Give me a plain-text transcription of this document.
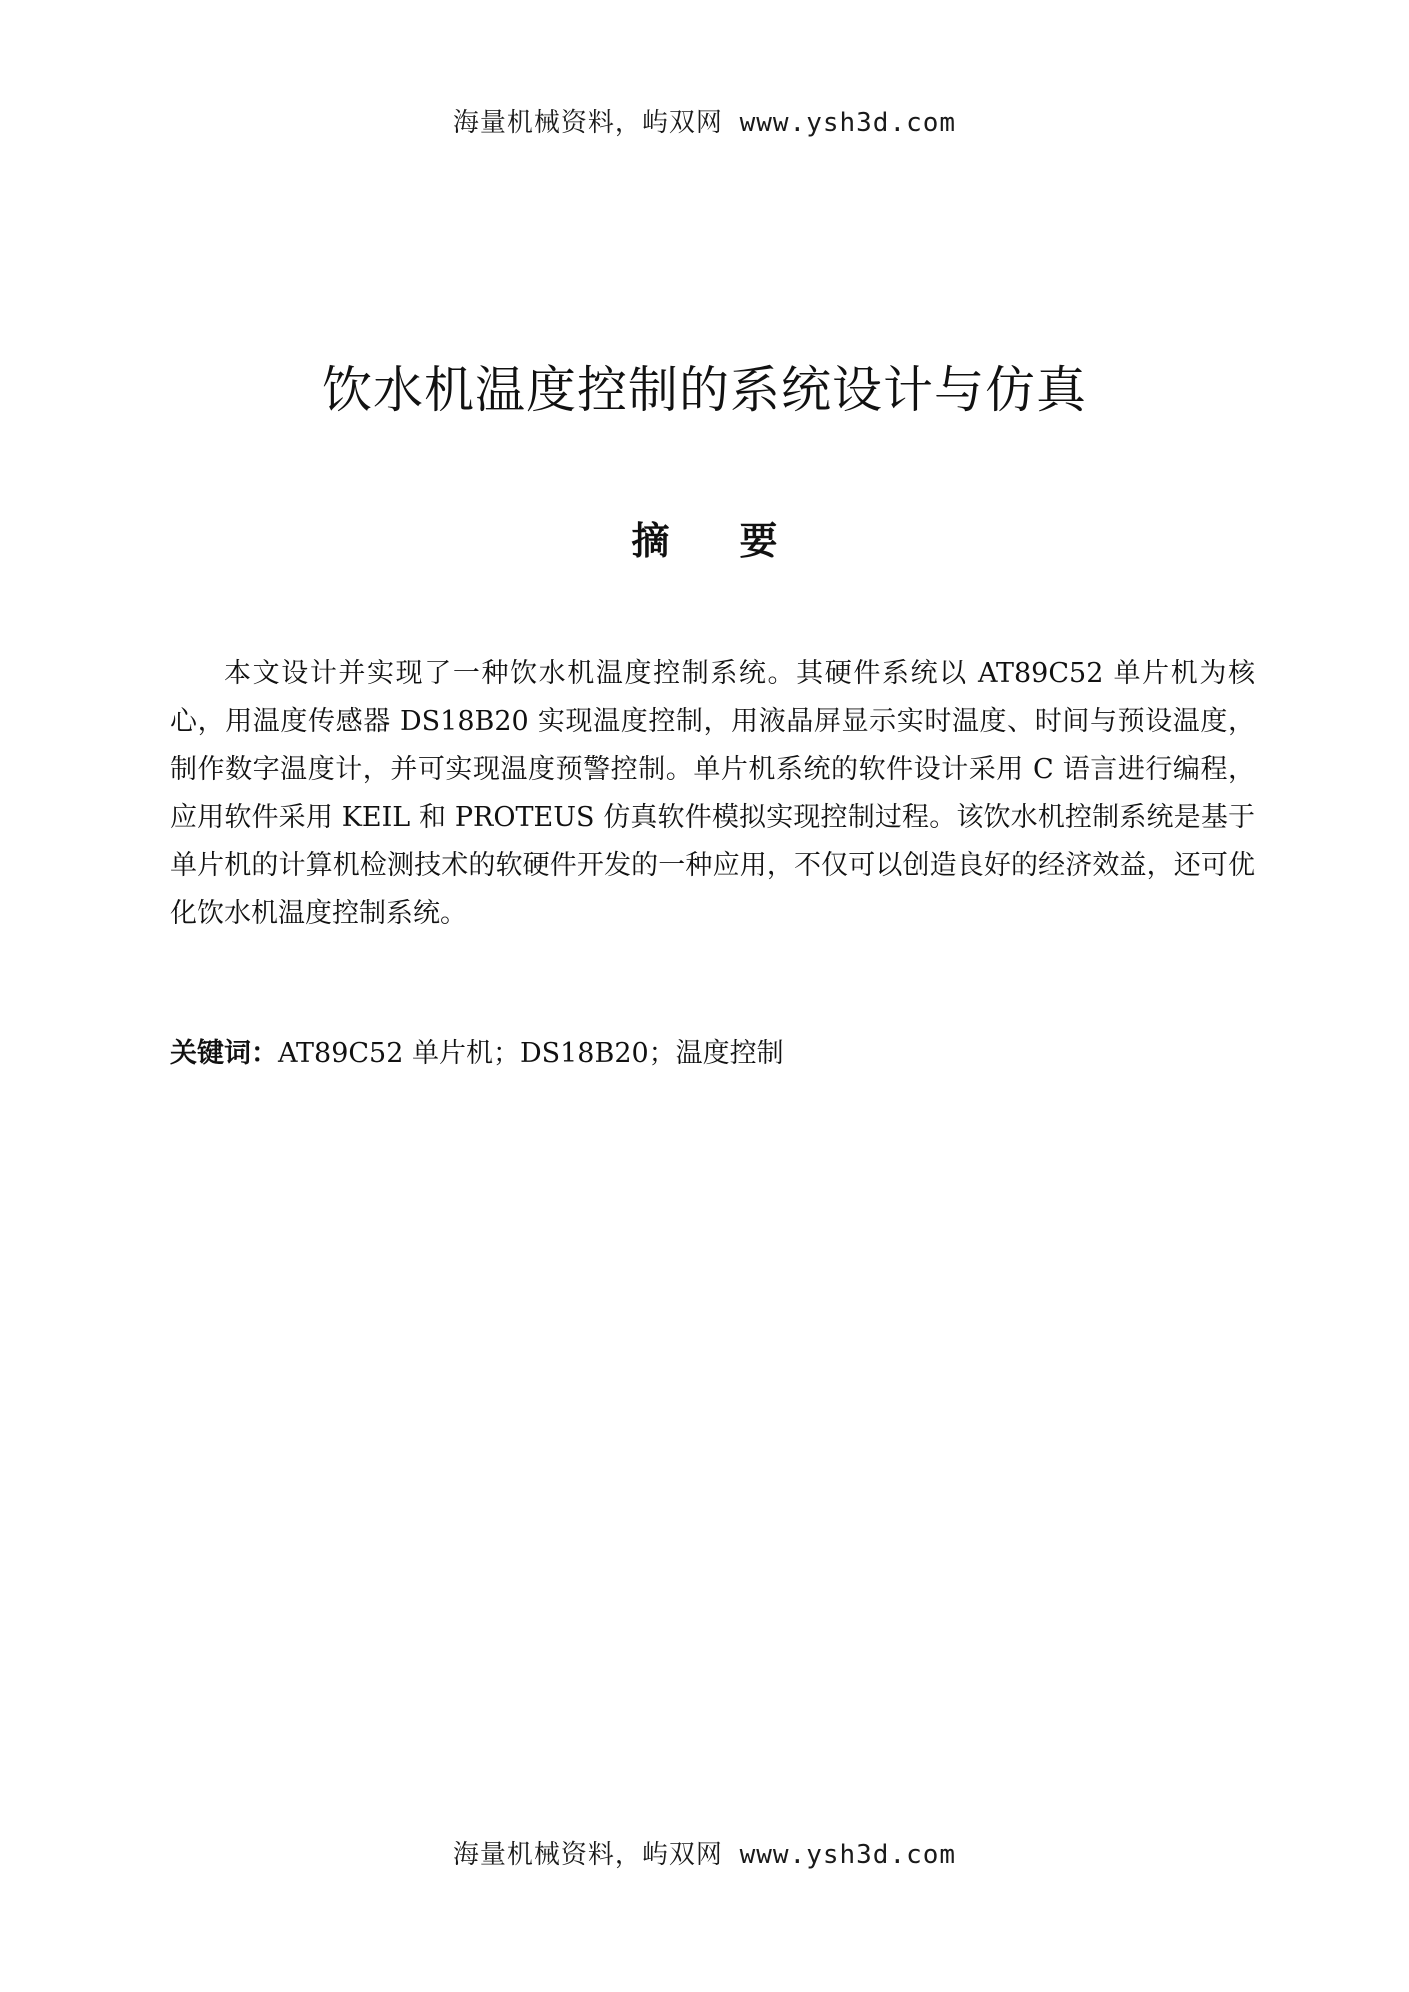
海量机械资料，屿双网 www.ysh3d.com
饮水机温度控制的系统设计与仿真
摘要

本文设计并实现了一种饮水机温度控制系统。其硬件系统以 AT89C52 单片机为核心，用温度传感器 DS18B20 实现温度控制，用液晶屏显示实时温度、时间与预设温度，制作数字温度计，并可实现温度预警控制。单片机系统的软件设计采用 C 语言进行编程，应用软件采用 KEIL 和 PROTEUS 仿真软件模拟实现控制过程。该饮水机控制系统是基于单片机的计算机检测技术的软硬件开发的一种应用，不仅可以创造良好的经济效益，还可优化饮水机温度控制系统。

关键词：AT89C52 单片机；DS18B20；温度控制
海量机械资料，屿双网 www.ysh3d.com
